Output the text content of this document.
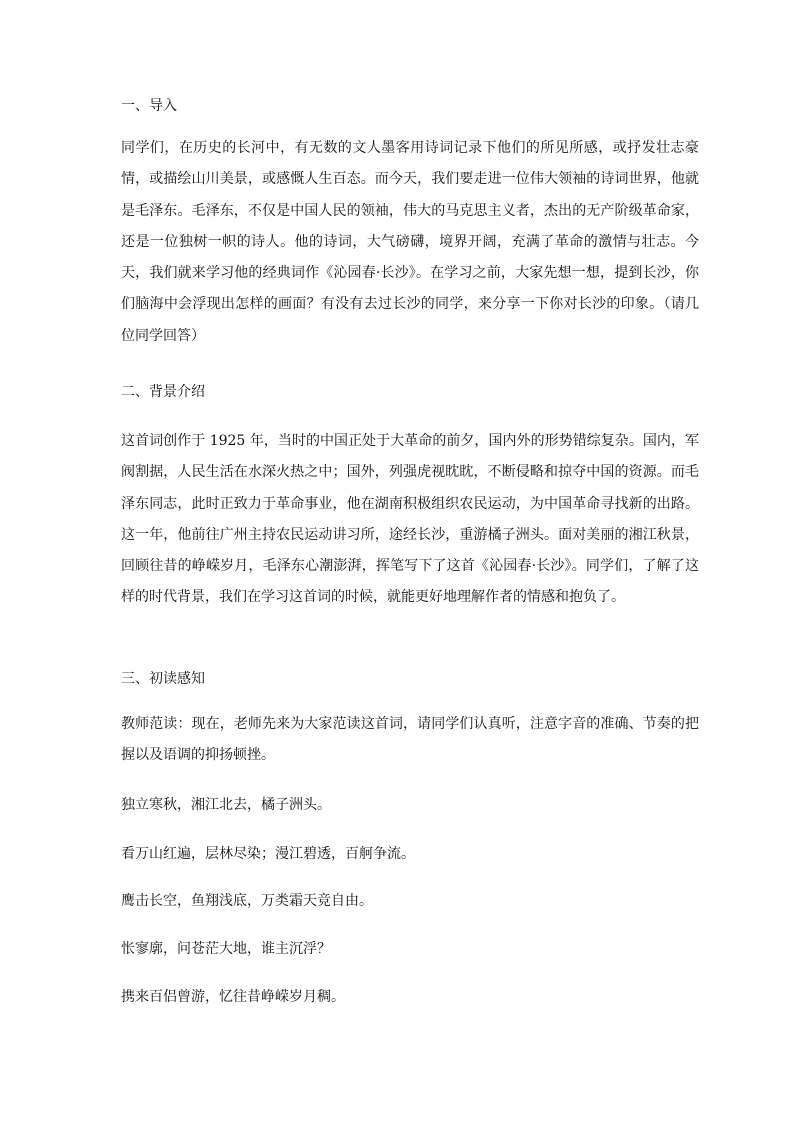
一、导入
同学们，在历史的长河中，有无数的文人墨客用诗词记录下他们的所见所感，或抒发壮志豪情，或描绘山川美景，或感慨人生百态。而今天，我们要走进一位伟大领袖的诗词世界，他就是毛泽东。毛泽东，不仅是中国人民的领袖，伟大的马克思主义者，杰出的无产阶级革命家，还是一位独树一帜的诗人。他的诗词，大气磅礴，境界开阔，充满了革命的激情与壮志。今天，我们就来学习他的经典词作《沁园春·长沙》。在学习之前，大家先想一想，提到长沙，你们脑海中会浮现出怎样的画面？有没有去过长沙的同学，来分享一下你对长沙的印象。（请几位同学回答）
二、背景介绍
这首词创作于 1925 年，当时的中国正处于大革命的前夕，国内外的形势错综复杂。国内，军阀割据，人民生活在水深火热之中；国外，列强虎视眈眈，不断侵略和掠夺中国的资源。而毛泽东同志，此时正致力于革命事业，他在湖南积极组织农民运动，为中国革命寻找新的出路。这一年，他前往广州主持农民运动讲习所，途经长沙，重游橘子洲头。面对美丽的湘江秋景，回顾往昔的峥嵘岁月，毛泽东心潮澎湃，挥笔写下了这首《沁园春·长沙》。同学们，了解了这样的时代背景，我们在学习这首词的时候，就能更好地理解作者的情感和抱负了。
三、初读感知
教师范读：现在，老师先来为大家范读这首词，请同学们认真听，注意字音的准确、节奏的把握以及语调的抑扬顿挫。
独立寒秋，湘江北去，橘子洲头。
看万山红遍，层林尽染；漫江碧透，百舸争流。
鹰击长空，鱼翔浅底，万类霜天竞自由。
怅寥廓，问苍茫大地，谁主沉浮？
携来百侣曾游，忆往昔峥嵘岁月稠。
